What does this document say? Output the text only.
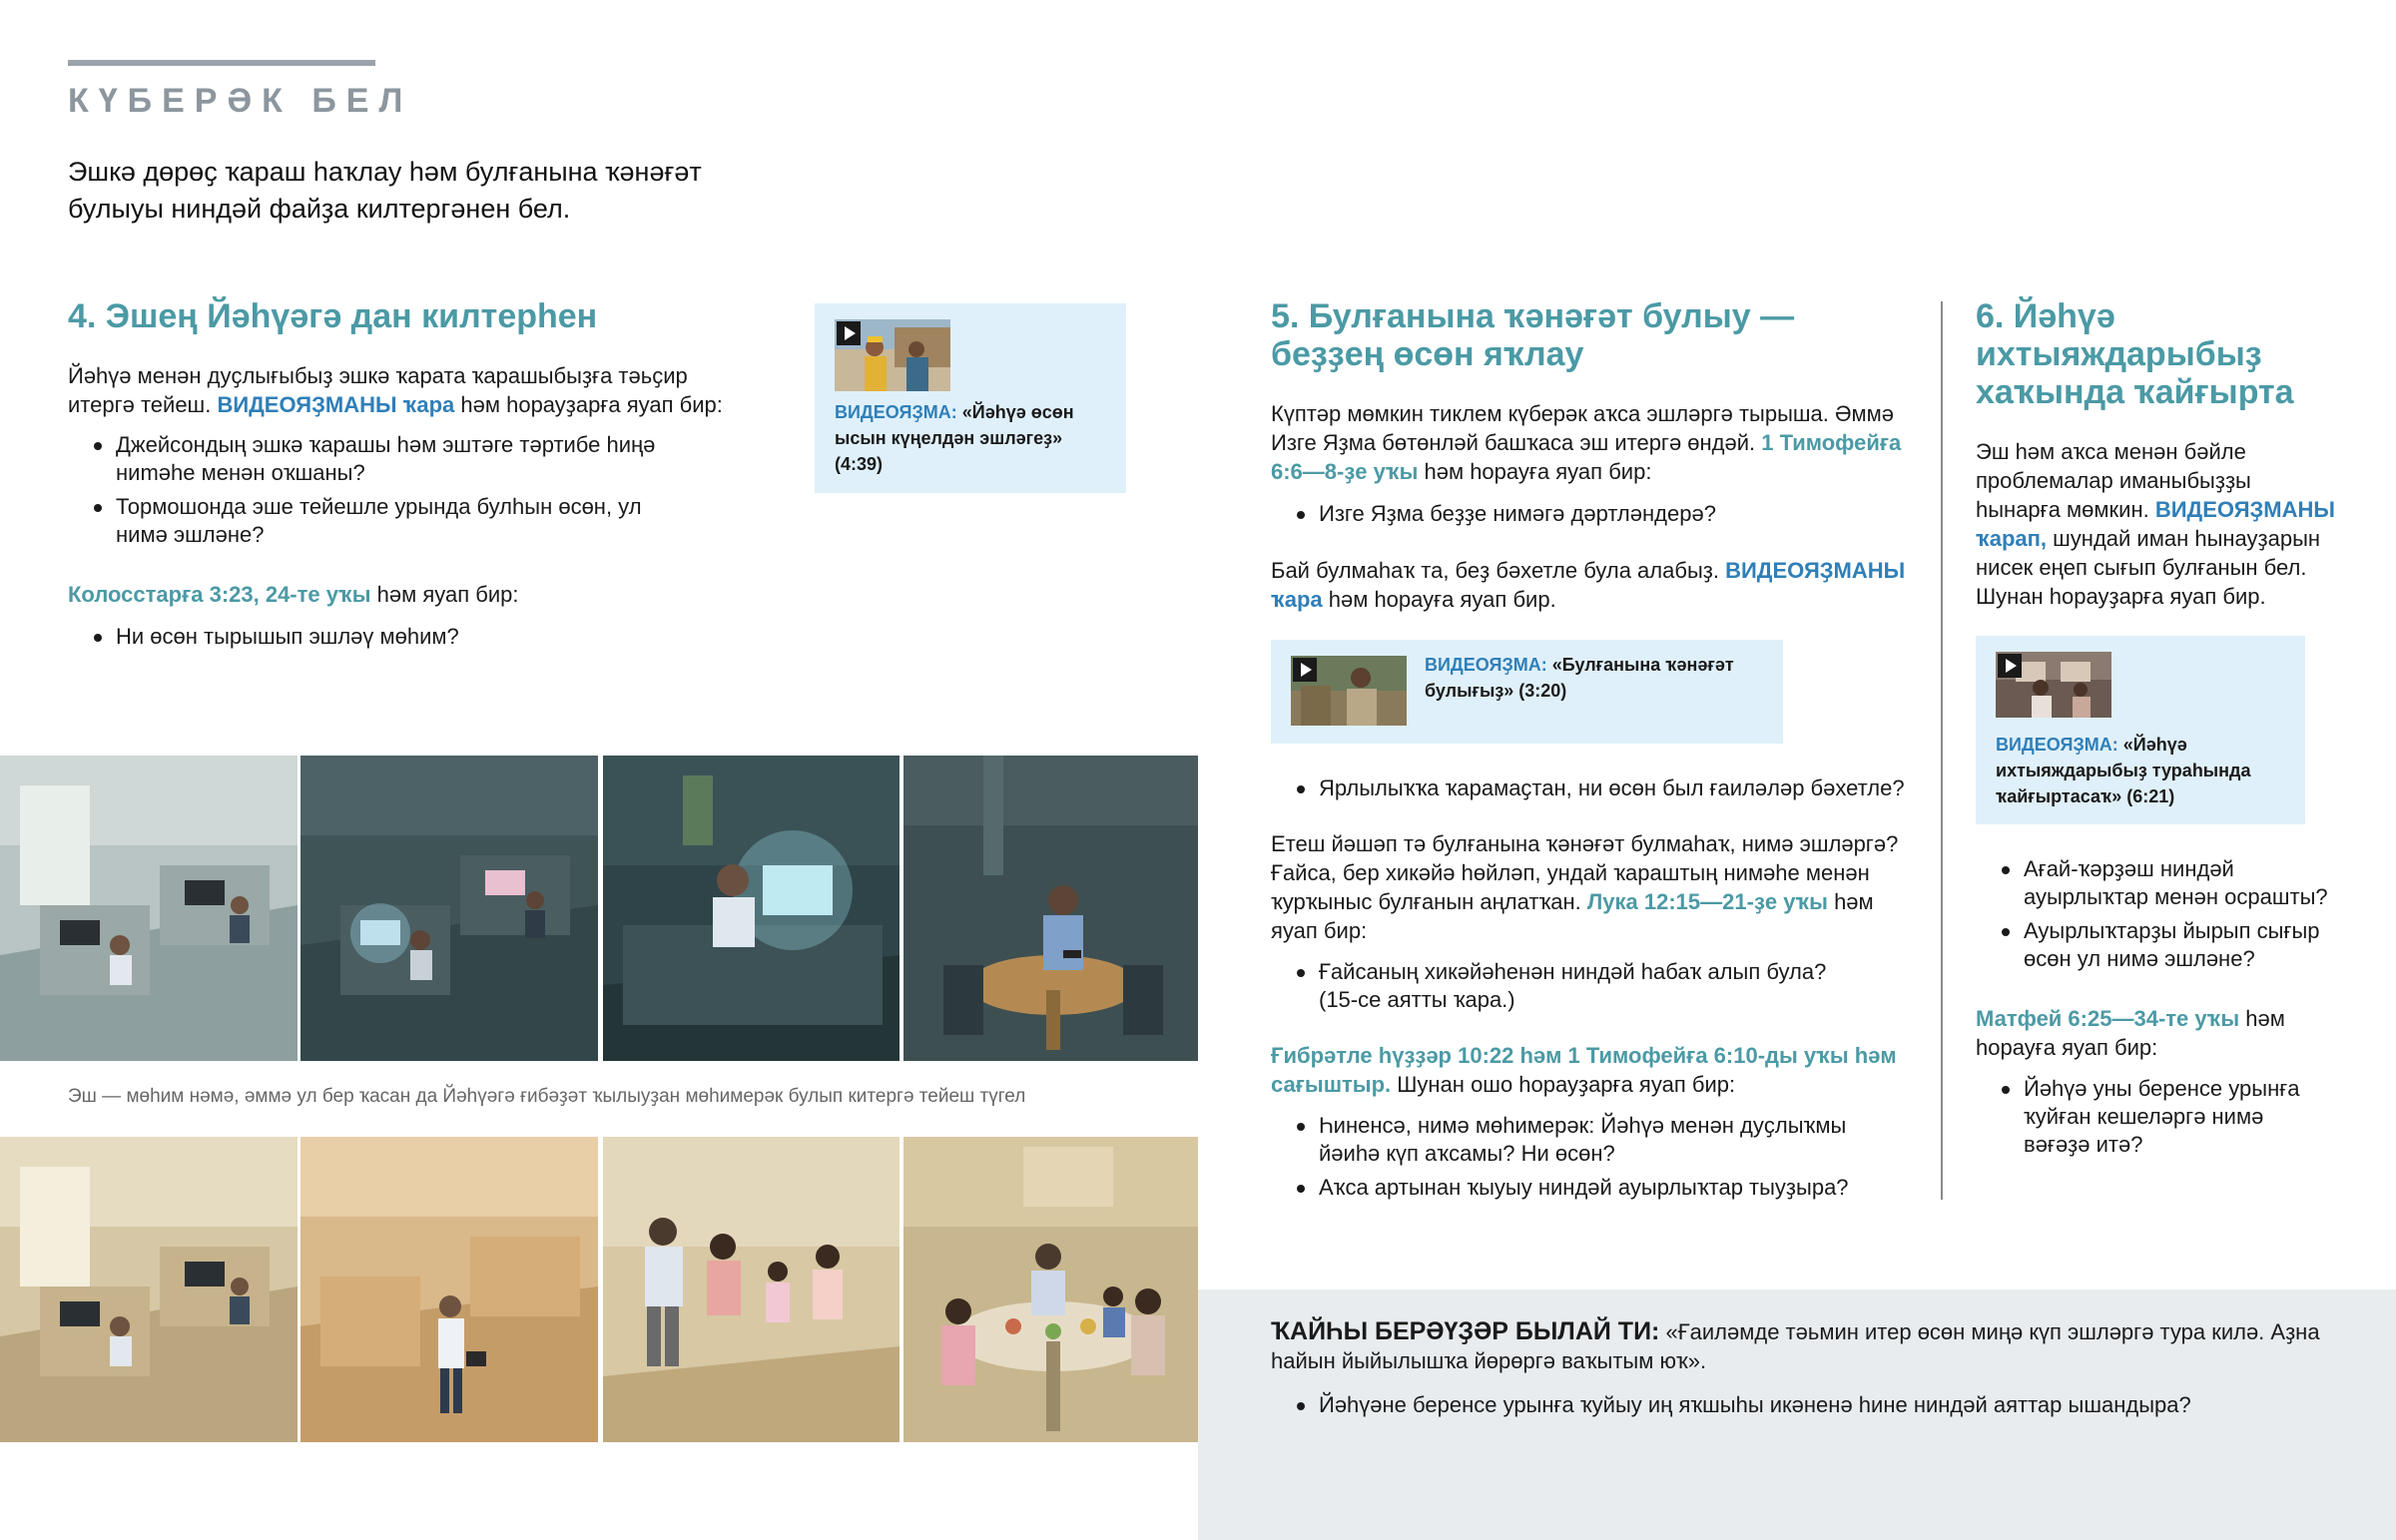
КҮБЕРӘК БЕЛ
Эшкә дөрөҫ ҡараш һаҡлау һәм булғанына ҡәнәғәт булыуы ниндәй файҙа килтергәнен бел.
4. Эшең Йәһүәгә дан килтерһен
Йәһүә менән дуҫлығыбыҙ эшкә ҡарата ҡарашыбыҙға тәьҫир итергә тейеш. ВИДЕОЯҘМАНЫ ҡара һәм һорауҙарға яуап бир:
Джейсондың эшкә ҡарашы һәм эштәге тәртибе һиңә ниməһе менән оҡшаны?
Тормошонда эше тейешле урында булһын өсөн, ул нимә эшләне?
Колосстарға 3:23, 24-те уҡы һәм яуап бир:
Ни өсөн тырышып эшләү мөһим?
ВИДЕОЯҘМА: «Йәһүә өсөн ысын күңелдән эшләгеҙ» (4:39)
Эш — мөһим нәмә, әммә ул бер ҡасан да Йәһүәгә ғибәҙәт ҡылыуҙан мөһимерәк булып китергә тейеш түгел
5. Булғанына ҡәнәғәт булыу — беҙҙең өсөн яҡлау
Күптәр мөмкин тиклем күберәк аҡса эшләргә тырыша. Әммә Изге Яҙма бөтөнләй башҡаса эш итергә өндәй. 1 Тимофейға 6:6—8-ҙе уҡы һәм һорауға яуап бир:
Изге Яҙма беҙҙе нимәгә дәртләндерә?
Бай булмаһаҡ та, беҙ бәхетле була алабыҙ. ВИДЕОЯҘМАНЫ ҡара һәм һорауға яуап бир.
ВИДЕОЯҘМА: «Булғанына ҡәнәғәт булығыҙ» (3:20)
Ярлылыҡҡа ҡарамаҫтан, ни өсөн был ғаиләләр бәхетле?
Етеш йәшәп тә булғанына ҡәнәғәт булмаһаҡ, нимә эшләргә? Ғайса, бер хикәйә һөйләп, ундай ҡараштың нимәһе менән ҡурҡыныс булғанын аңлатҡан. Лука 12:15—21-ҙе уҡы һәм яуап бир:
Ғайсаның хикәйәһенән ниндәй һабаҡ алып була? (15-се аятты ҡара.)
Ғибрәтле һүҙҙәр 10:22 һәм 1 Тимофейға 6:10-ды уҡы һәм сағыштыр. Шунан ошо һорауҙарға яуап бир:
Һиненсә, нимә мөһимерәк: Йәһүә менән дуҫлыҡмы йәиһә күп аҡсамы? Ни өсөн?
Аҡса артынан ҡыуыу ниндәй ауырлыҡтар тыуҙыра?
6. Йәһүә ихтыяждарыбыҙ хаҡында ҡайғырта
Эш һәм аҡса менән бәйле проблемалар иманыбыҙҙы һынарға мөмкин. ВИДЕОЯҘМАНЫ ҡарап, шундай иман һынауҙарын нисек еңеп сығып булғанын бел. Шунан һорауҙарға яуап бир.
ВИДЕОЯҘМА: «Йәһүә ихтыяждарыбыҙ тураһында ҡайғыртасаҡ» (6:21)
Ағай-ҡәрҙәш ниндәй ауырлыҡтар менән осрашты?
Ауырлыҡтарҙы йырып сығыр өсөн ул нимә эшләне?
Матфей 6:25—34-те уҡы һәм һорауға яуап бир:
Йәһүә уны беренсе урынға ҡуйған кешеләргә нимә вәғәҙә итә?
ҠАЙҺЫ БЕРӘҮҘӘР БЫЛАЙ ТИ: «Ғаиләмде тәьмин итер өсөн миңә күп эшләргә тура килә. Аҙна һайын йыйылышҡа йөрөргә ваҡытым юҡ».
Йәһүәне беренсе урынға ҡуйыу иң яҡшыһы икәненә һине ниндәй аяттар ышандыра?
